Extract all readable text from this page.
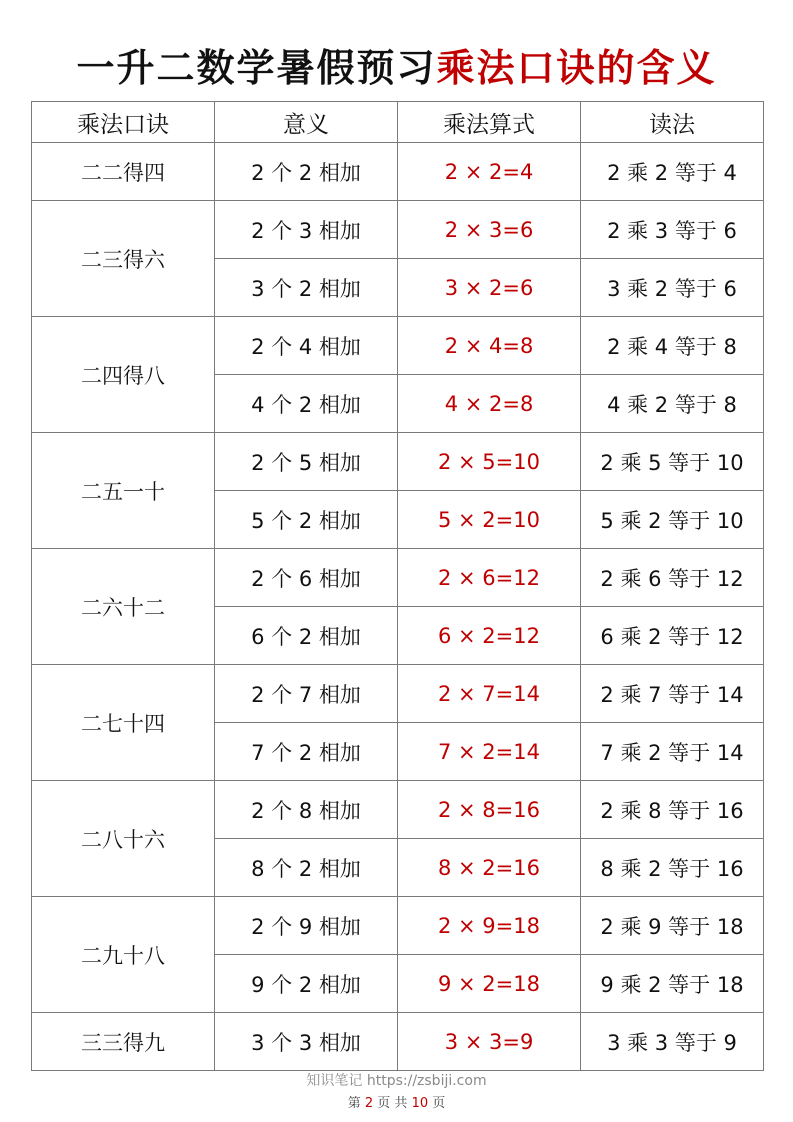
一升二数学暑假预习乘法口诀的含义
乘法口诀	意义	乘法算式	读法
二二得四	2 个 2 相加	2 × 2=4	2 乘 2 等于 4
二三得六	2 个 3 相加	2 × 3=6	2 乘 3 等于 6
	3 个 2 相加	3 × 2=6	3 乘 2 等于 6
二四得八	2 个 4 相加	2 × 4=8	2 乘 4 等于 8
	4 个 2 相加	4 × 2=8	4 乘 2 等于 8
二五一十	2 个 5 相加	2 × 5=10	2 乘 5 等于 10
	5 个 2 相加	5 × 2=10	5 乘 2 等于 10
二六十二	2 个 6 相加	2 × 6=12	2 乘 6 等于 12
	6 个 2 相加	6 × 2=12	6 乘 2 等于 12
二七十四	2 个 7 相加	2 × 7=14	2 乘 7 等于 14
	7 个 2 相加	7 × 2=14	7 乘 2 等于 14
二八十六	2 个 8 相加	2 × 8=16	2 乘 8 等于 16
	8 个 2 相加	8 × 2=16	8 乘 2 等于 16
二九十八	2 个 9 相加	2 × 9=18	2 乘 9 等于 18
	9 个 2 相加	9 × 2=18	9 乘 2 等于 18
三三得九	3 个 3 相加	3 × 3=9	3 乘 3 等于 9
知识笔记 https://zsbiji.com
第 2 页 共 10 页
